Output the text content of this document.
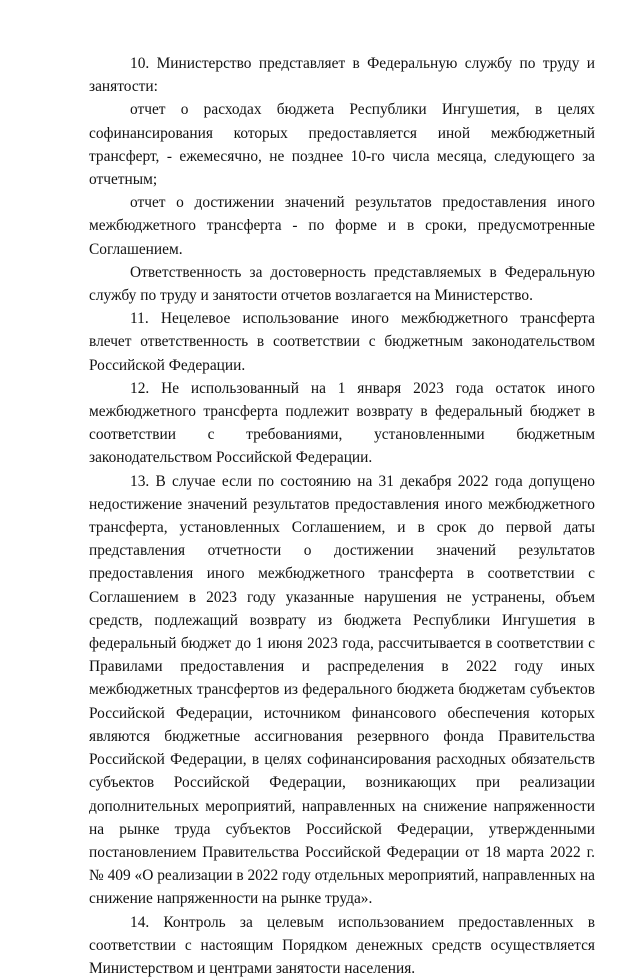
10. Министерство представляет в Федеральную службу по труду и занятости:

отчет о расходах бюджета Республики Ингушетия, в целях софинансирования которых предоставляется иной межбюджетный трансферт, - ежемесячно, не позднее 10-го числа месяца, следующего за отчетным;

отчет о достижении значений результатов предоставления иного межбюджетного трансферта - по форме и в сроки, предусмотренные Соглашением.

Ответственность за достоверность представляемых в Федеральную службу по труду и занятости отчетов возлагается на Министерство.

11. Нецелевое использование иного межбюджетного трансферта влечет ответственность в соответствии с бюджетным законодательством Российской Федерации.

12. Не использованный на 1 января 2023 года остаток иного межбюджетного трансферта подлежит возврату в федеральный бюджет в соответствии с требованиями, установленными бюджетным законодательством Российской Федерации.

13. В случае если по состоянию на 31 декабря 2022 года допущено недостижение значений результатов предоставления иного межбюджетного трансферта, установленных Соглашением, и в срок до первой даты представления отчетности о достижении значений результатов предоставления иного межбюджетного трансферта в соответствии с Соглашением в 2023 году указанные нарушения не устранены, объем средств, подлежащий возврату из бюджета Республики Ингушетия в федеральный бюджет до 1 июня 2023 года, рассчитывается в соответствии с Правилами предоставления и распределения в 2022 году иных межбюджетных трансфертов из федерального бюджета бюджетам субъектов Российской Федерации, источником финансового обеспечения которых являются бюджетные ассигнования резервного фонда Правительства Российской Федерации, в целях софинансирования расходных обязательств субъектов Российской Федерации, возникающих при реализации дополнительных мероприятий, направленных на снижение напряженности на рынке труда субъектов Российской Федерации, утвержденными постановлением Правительства Российской Федерации от 18 марта 2022 г. № 409 «О реализации в 2022 году отдельных мероприятий, направленных на снижение напряженности на рынке труда».

14. Контроль за целевым использованием предоставленных в соответствии с настоящим Порядком денежных средств осуществляется Министерством и центрами занятости населения.
